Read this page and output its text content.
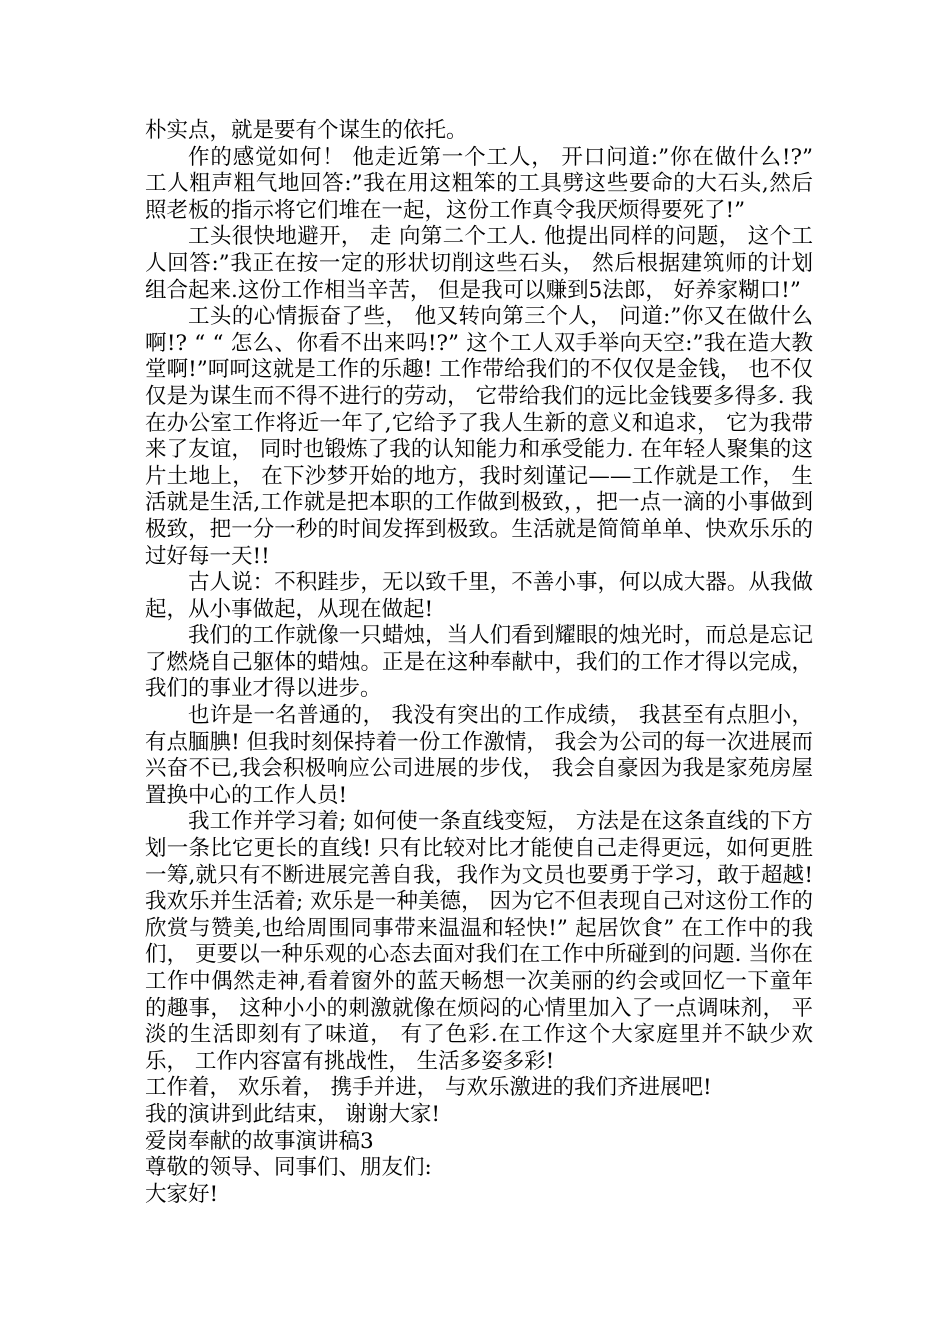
朴实点，就是要有个谋生的依托。

作的感觉如何！ 他走近第一个工人， 开口问道:”你在做什么!?” 工人粗声粗气地回答:”我在用这粗笨的工具劈这些要命的大石头,然后照老板的指示将它们堆在一起，这份工作真令我厌烦得要死了!”

工头很快地避开， 走 向第二个工人. 他提出同样的问题， 这个工人回答:”我正在按一定的形状切削这些石头， 然后根据建筑师的计划组合起来.这份工作相当辛苦， 但是我可以赚到5法郎， 好养家糊口!”

工头的心情振奋了些， 他又转向第三个人， 问道:”你又在做什么啊!? “ “ 怎么、你看不出来吗!?” 这个工人双手举向天空:”我在造大教堂啊!”呵呵这就是工作的乐趣! 工作带给我们的不仅仅是金钱， 也不仅仅是为谋生而不得不进行的劳动， 它带给我们的远比金钱要多得多. 我在办公室工作将近一年了,它给予了我人生新的意义和追求， 它为我带来了友谊， 同时也锻炼了我的认知能力和承受能力. 在年轻人聚集的这片土地上， 在下沙梦开始的地方，我时刻谨记——工作就是工作， 生活就是生活,工作就是把本职的工作做到极致，，把一点一滴的小事做到极致，把一分一秒的时间发挥到极致。生活就是简简单单、快欢乐乐的过好每一天!!

古人说：不积跬步，无以致千里，不善小事，何以成大器。从我做起，从小事做起，从现在做起!

我们的工作就像一只蜡烛，当人们看到耀眼的烛光时，而总是忘记了燃烧自己躯体的蜡烛。正是在这种奉献中，我们的工作才得以完成，我们的事业才得以进步。

也许是一名普通的， 我没有突出的工作成绩， 我甚至有点胆小， 有点腼腆! 但我时刻保持着一份工作激情， 我会为公司的每一次进展而兴奋不已,我会积极响应公司进展的步伐， 我会自豪因为我是家苑房屋置换中心的工作人员!

我工作并学习着; 如何使一条直线变短， 方法是在这条直线的下方划一条比它更长的直线! 只有比较对比才能使自己走得更远，如何更胜一筹,就只有不断进展完善自我，我作为文员也要勇于学习，敢于超越! 我欢乐并生活着; 欢乐是一种美德， 因为它不但表现自己对这份工作的欣赏与赞美,也给周围同事带来温温和轻快!” 起居饮食” 在工作中的我们， 更要以一种乐观的心态去面对我们在工作中所碰到的问题. 当你在工作中偶然走神,看着窗外的蓝天畅想一次美丽的约会或回忆一下童年的趣事， 这种小小的刺激就像在烦闷的心情里加入了一点调味剂， 平淡的生活即刻有了味道， 有了色彩.在工作这个大家庭里并不缺少欢乐， 工作内容富有挑战性， 生活多姿多彩!

工作着， 欢乐着， 携手并进， 与欢乐激进的我们齐进展吧!

我的演讲到此结束， 谢谢大家!

爱岗奉献的故事演讲稿3

尊敬的领导、同事们、朋友们:

大家好!
